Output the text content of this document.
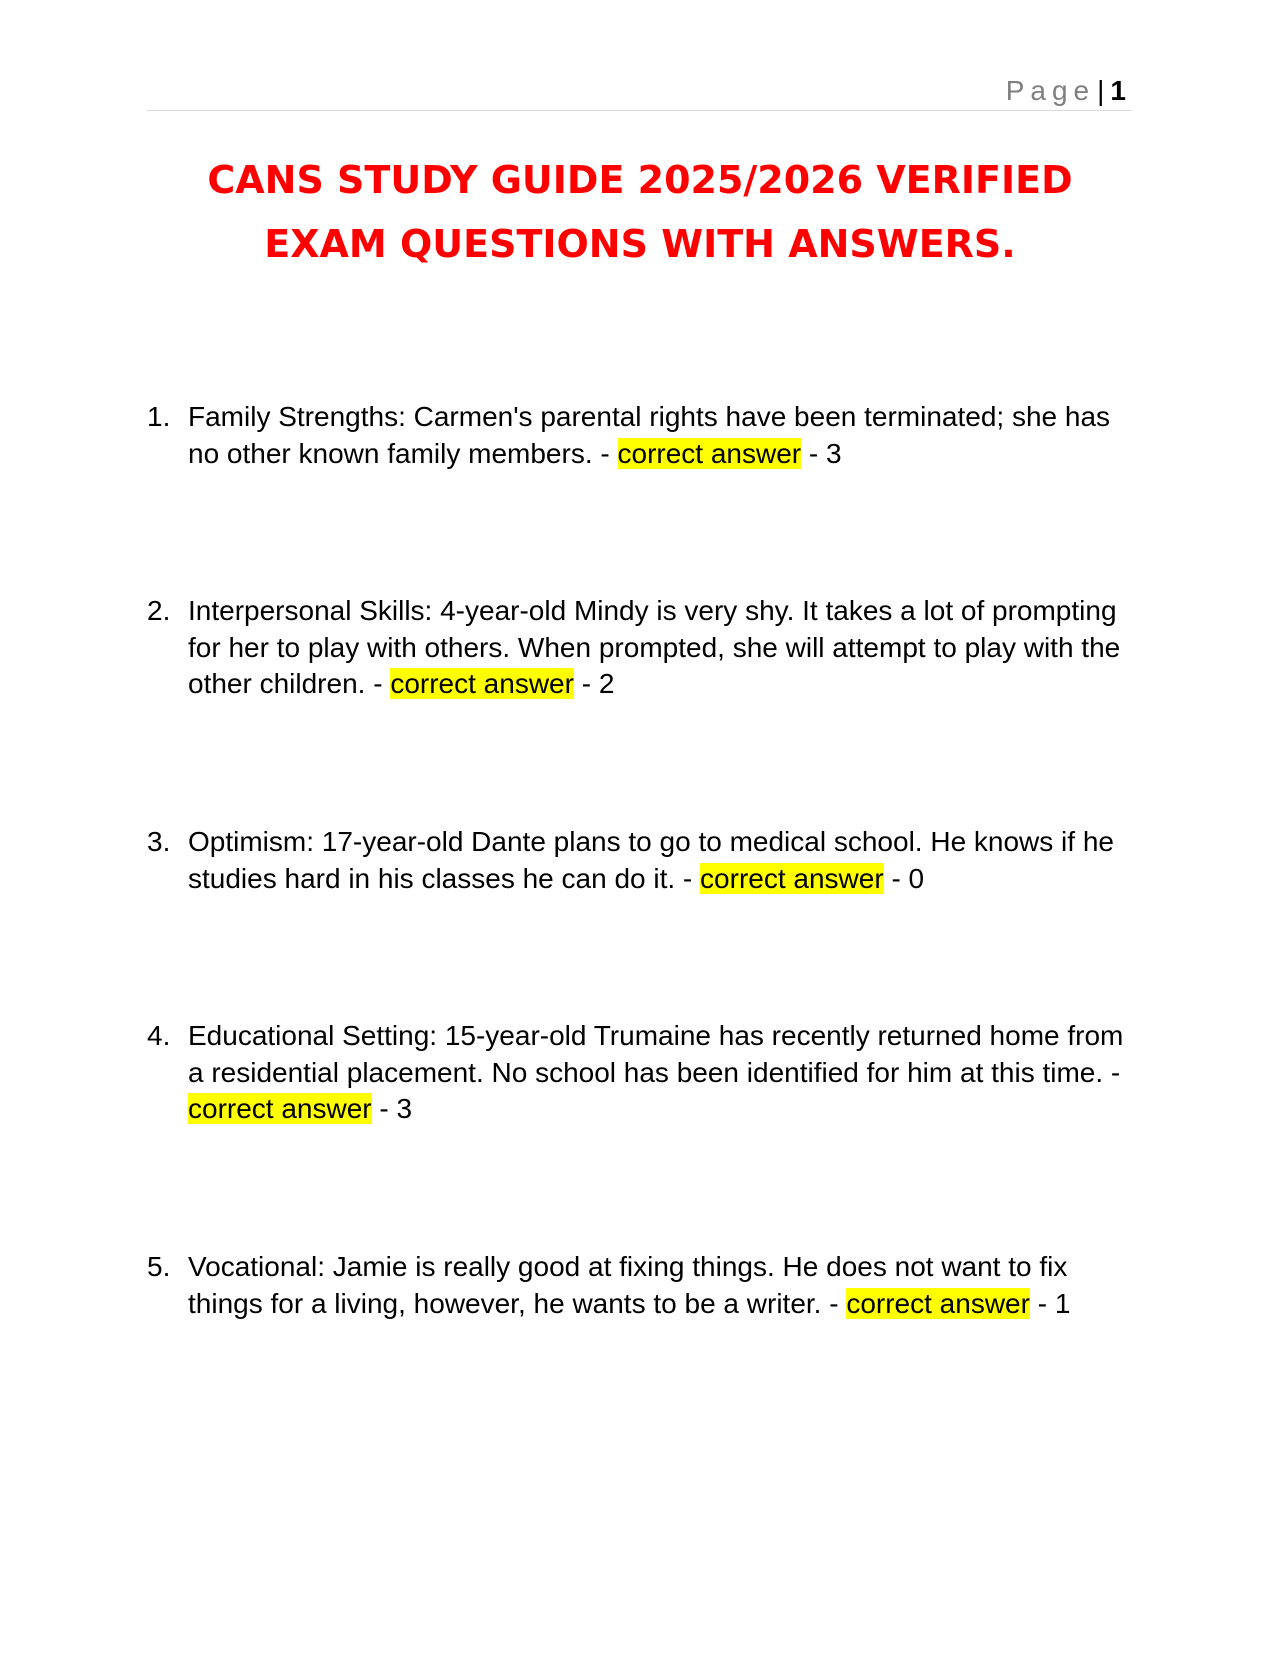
Page| 1
CANS STUDY GUIDE 2025/2026 VERIFIED
EXAM QUESTIONS WITH ANSWERS.
1. Family Strengths: Carmen's parental rights have been terminated; she has no other known family members. - correct answer - 3
2. Interpersonal Skills: 4-year-old Mindy is very shy. It takes a lot of prompting for her to play with others. When prompted, she will attempt to play with the other children. - correct answer - 2
3. Optimism: 17-year-old Dante plans to go to medical school. He knows if he studies hard in his classes he can do it. - correct answer - 0
4. Educational Setting: 15-year-old Trumaine has recently returned home from a residential placement. No school has been identified for him at this time. - correct answer - 3
5. Vocational: Jamie is really good at fixing things. He does not want to fix things for a living, however, he wants to be a writer. - correct answer - 1
